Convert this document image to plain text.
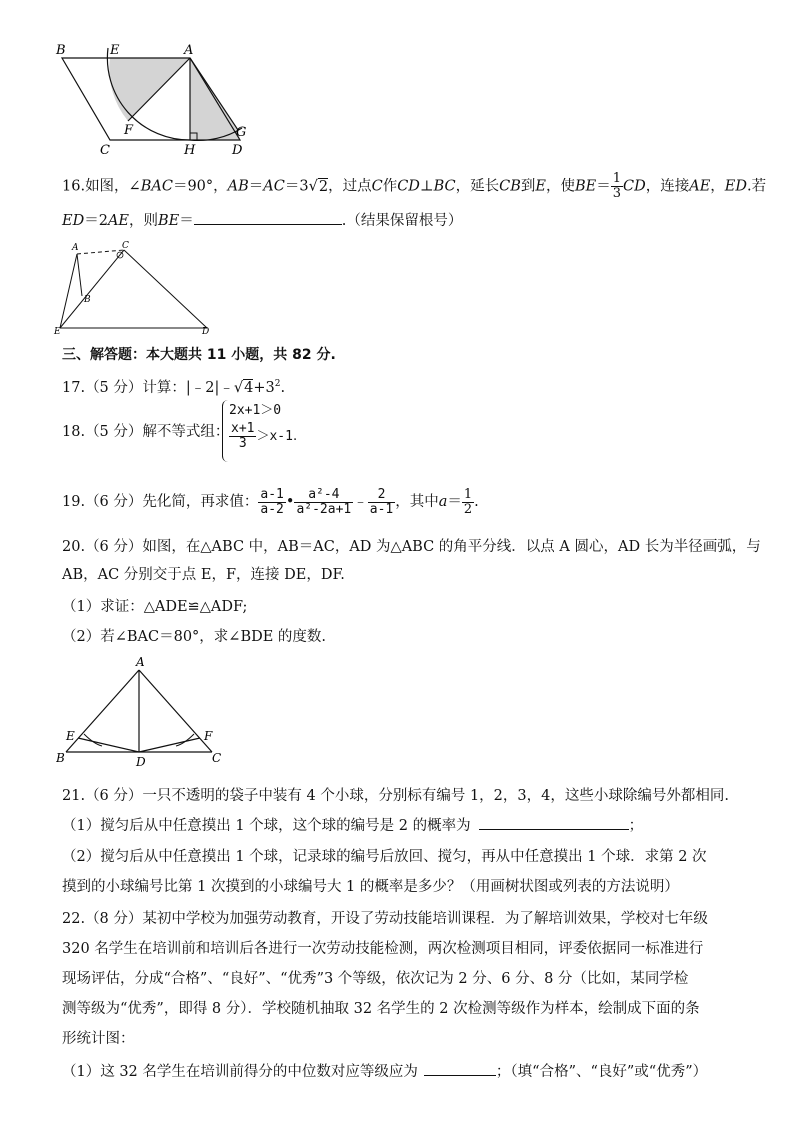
B	E	A
F	G
C	H	D
16.如图，∠BAC＝90°，AB＝AC＝3√2，过点C作CD⊥BC，延长CB到E，使$BE= \frac{1}{3}$ CD，连接AE，ED.若
ED＝2AE，则BE＝	.（结果保留根号）
A	C
B
E	D
三、解答题：本大题共 11 小题，共 82 分.
17.（5 分）计算：$|﹣2|﹣√4+3^2$.
18.（5 分）解不等式组：
2x+1＞0
$\frac{x+1}{3} >x-1$.
19.（6 分）先化简，再求值： $\frac{a-1}{a-2}$ • $\frac{\text{a²-4}}{\text{a²-2a+1}}$ ﹣ $\frac{2}{a-1}$ ，其中$a= \frac{1}{2}$ .
20.（6 分）如图，在△ABC 中，AB＝AC，AD 为△ABC 的角平分线．以点 A 圆心，AD 长为半径画弧，与
AB，AC 分别交于点 E，F，连接 DE，DF.
（1）求证：△ADE≌△ADF;
（2）若∠BAC＝80°，求∠BDE 的度数.
A
E	F
B	D	C
21.（6 分）一只不透明的袋子中装有 4 个小球，分别标有编号 1，2，3，4，这些小球除编号外都相同.
（1）搅匀后从中任意摸出 1 个球，这个球的编号是 2 的概率为	；
（2）搅匀后从中任意摸出 1 个球，记录球的编号后放回、搅匀，再从中任意摸出 1 个球．求第 2 次
摸到的小球编号比第 1 次摸到的小球编号大 1 的概率是多少？（用画树状图或列表的方法说明）
22.（8 分）某初中学校为加强劳动教育，开设了劳动技能培训课程．为了解培训效果，学校对七年级
320 名学生在培训前和培训后各进行一次劳动技能检测，两次检测项目相同，评委依据同一标准进行
现场评估，分成“合格”、“良好”、“优秀”3 个等级，依次记为 2 分、6 分、8 分（比如，某同学检
测等级为“优秀”，即得 8 分）．学校随机抽取 32 名学生的 2 次检测等级作为样本，绘制成下面的条
形统计图：
（1）这 32 名学生在培训前得分的中位数对应等级应为	；（填“合格”、“良好”或“优秀”）
